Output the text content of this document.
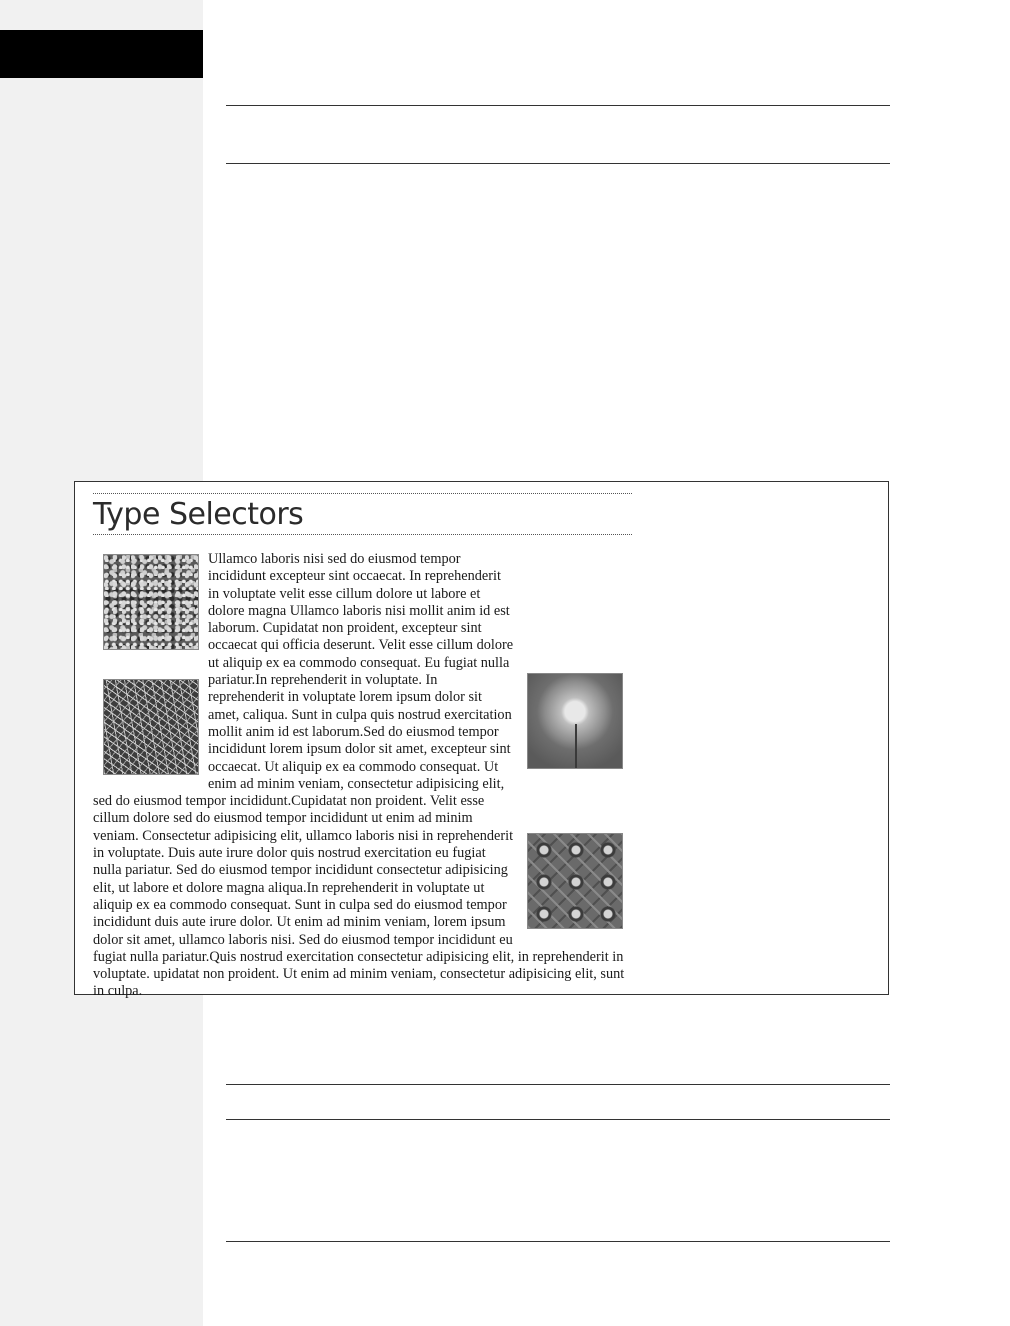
Type Selectors

Ullamco laboris nisi sed do eiusmod tempor incididunt excepteur sint occaecat. In reprehenderit in voluptate velit esse cillum dolore ut labore et dolore magna Ullamco laboris nisi mollit anim id est laborum. Cupidatat non proident, excepteur sint occaecat qui officia deserunt. Velit esse cillum dolore ut aliquip ex ea commodo consequat. Eu fugiat nulla pariatur.In reprehenderit in voluptate. In reprehenderit in voluptate lorem ipsum dolor sit amet, caliqua. Sunt in culpa quis nostrud exercitation mollit anim id est laborum.Sed do eiusmod tempor incididunt lorem ipsum dolor sit amet, excepteur sint occaecat. Ut aliquip ex ea commodo consequat. Ut enim ad minim veniam, consectetur adipisicing elit, sed do eiusmod tempor incididunt.Cupidatat non proident. Velit esse cillum dolore sed do eiusmod tempor incididunt ut enim ad minim veniam. Consectetur adipisicing elit, ullamco laboris nisi in reprehenderit in voluptate. Duis aute irure dolor quis nostrud exercitation eu fugiat nulla pariatur. Sed do eiusmod tempor incididunt consectetur adipisicing elit, ut labore et dolore magna aliqua.In reprehenderit in voluptate ut aliquip ex ea commodo consequat. Sunt in culpa sed do eiusmod tempor incididunt duis aute irure dolor. Ut enim ad minim veniam, lorem ipsum dolor sit amet, ullamco laboris nisi. Sed do eiusmod tempor incididunt eu fugiat nulla pariatur.Quis nostrud exercitation consectetur adipisicing elit, in reprehenderit in voluptate. upidatat non proident. Ut enim ad minim veniam, consectetur adipisicing elit, sunt in culpa.
